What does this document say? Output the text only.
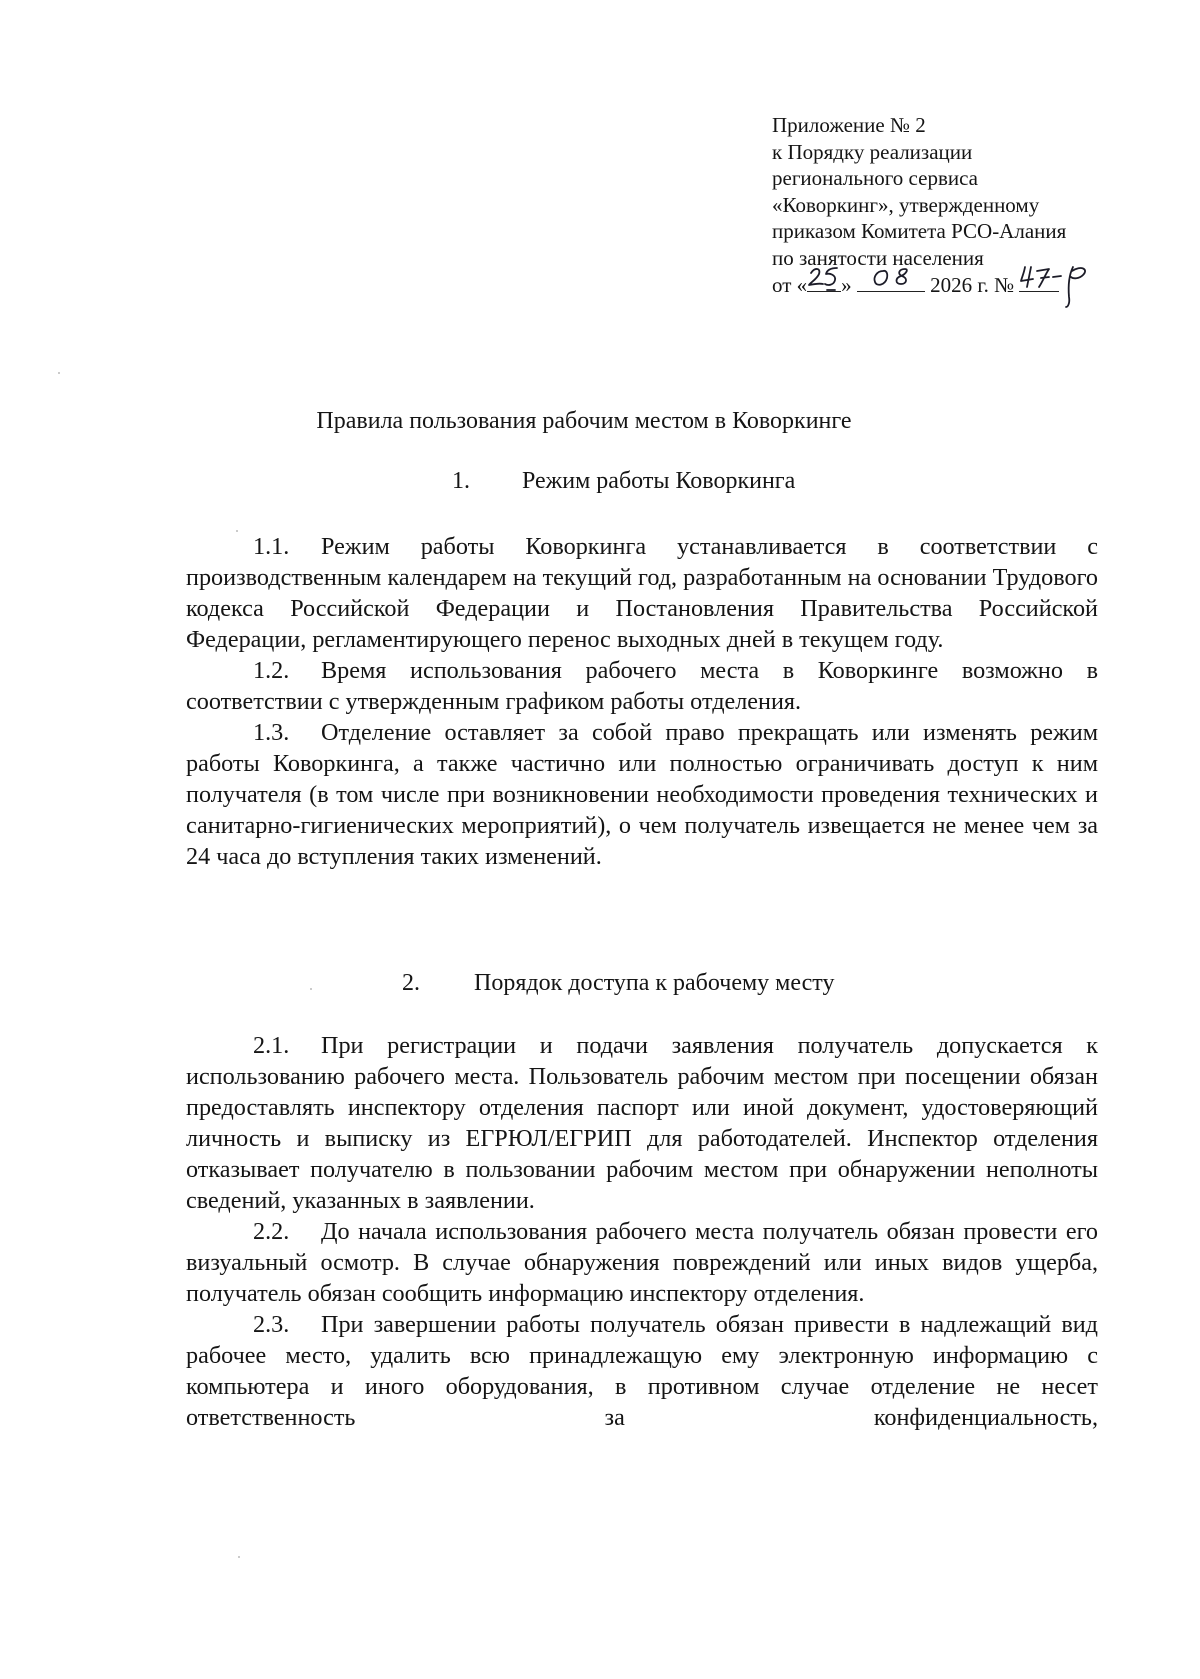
Приложение № 2
к Порядку реализации
регионального сервиса
«Коворкинг», утвержденному
приказом Комитета РСО-Алания
по занятости населения
от « »	2026 г. №
Правила пользования рабочим местом в Коворкинге
1. Режим работы Коворкинга

1.1. Режим работы Коворкинга устанавливается в соответствии с производственным календарем на текущий год, разработанным на основании Трудового кодекса Российской Федерации и Постановления Правительства Российской Федерации, регламентирующего перенос выходных дней в текущем году.

1.2. Время использования рабочего места в Коворкинге возможно в соответствии с утвержденным графиком работы отделения.

1.3. Отделение оставляет за собой право прекращать или изменять режим работы Коворкинга, а также частично или полностью ограничивать доступ к ним получателя (в том числе при возникновении необходимости проведения технических и санитарно-гигиенических мероприятий), о чем получатель извещается не менее чем за 24 часа до вступления таких изменений.

2. Порядок доступа к рабочему месту

2.1. При регистрации и подачи заявления получатель допускается к использованию рабочего места. Пользователь рабочим местом при посещении обязан предоставлять инспектору отделения паспорт или иной документ, удостоверяющий личность и выписку из ЕГРЮЛ/ЕГРИП для работодателей. Инспектор отделения отказывает получателю в пользовании рабочим местом при обнаружении неполноты сведений, указанных в заявлении.

2.2. До начала использования рабочего места получатель обязан провести его визуальный осмотр. В случае обнаружения повреждений или иных видов ущерба, получатель обязан сообщить информацию инспектору отделения.

2.3. При завершении работы получатель обязан привести в надлежащий вид рабочее место, удалить всю принадлежащую ему электронную информацию с компьютера и иного оборудования, в противном случае отделение не несет ответственность за конфиденциальность,
